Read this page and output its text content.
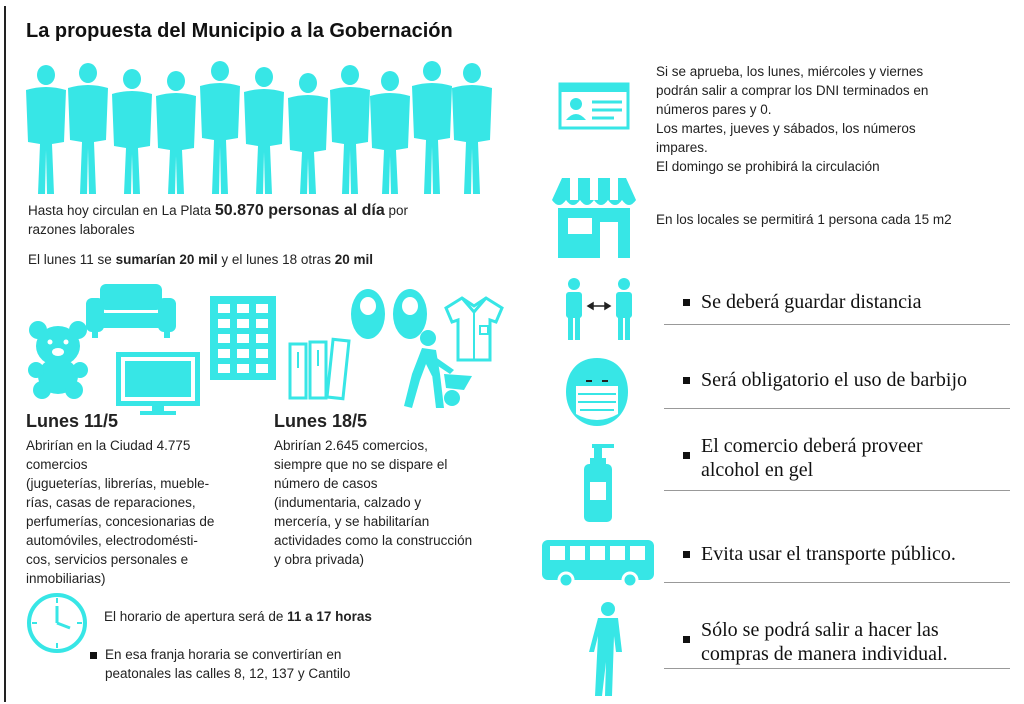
La propuesta del Municipio a la Gobernación
Hasta hoy circulan en La Plata 50.870 personas al día por
razones laborales
El lunes 11 se sumarían 20 mil y el lunes 18 otras 20 mil
Lunes 11/5
Abrirían en la Ciudad 4.775
comercios
(jugueterías, librerías, mueble-
rías, casas de reparaciones,
perfumerías, concesionarias de
automóviles, electrodomésti-
cos, servicios personales e
inmobiliarias)
Lunes 18/5
Abrirían 2.645 comercios,
siempre que no se dispare el
número de casos
(indumentaria, calzado y
mercería, y se habilitarían
actividades como la construcción
y obra privada)
El horario de apertura será de 11 a 17 horas
En esa franja horaria se convertirían en
peatonales las calles 8, 12, 137 y Cantilo
Si se aprueba, los lunes, miércoles y viernes
podrán salir a comprar los DNI terminados en
números pares y 0.
Los martes, jueves y sábados, los números
impares.
El domingo se prohibirá la circulación
En los locales se permitirá 1 persona cada 15 m2
Se deberá guardar distancia
Será obligatorio el uso de barbijo
El comercio deberá proveer
alcohol en gel
Evita usar el transporte público.
Sólo se podrá salir a hacer las
compras de manera individual.
